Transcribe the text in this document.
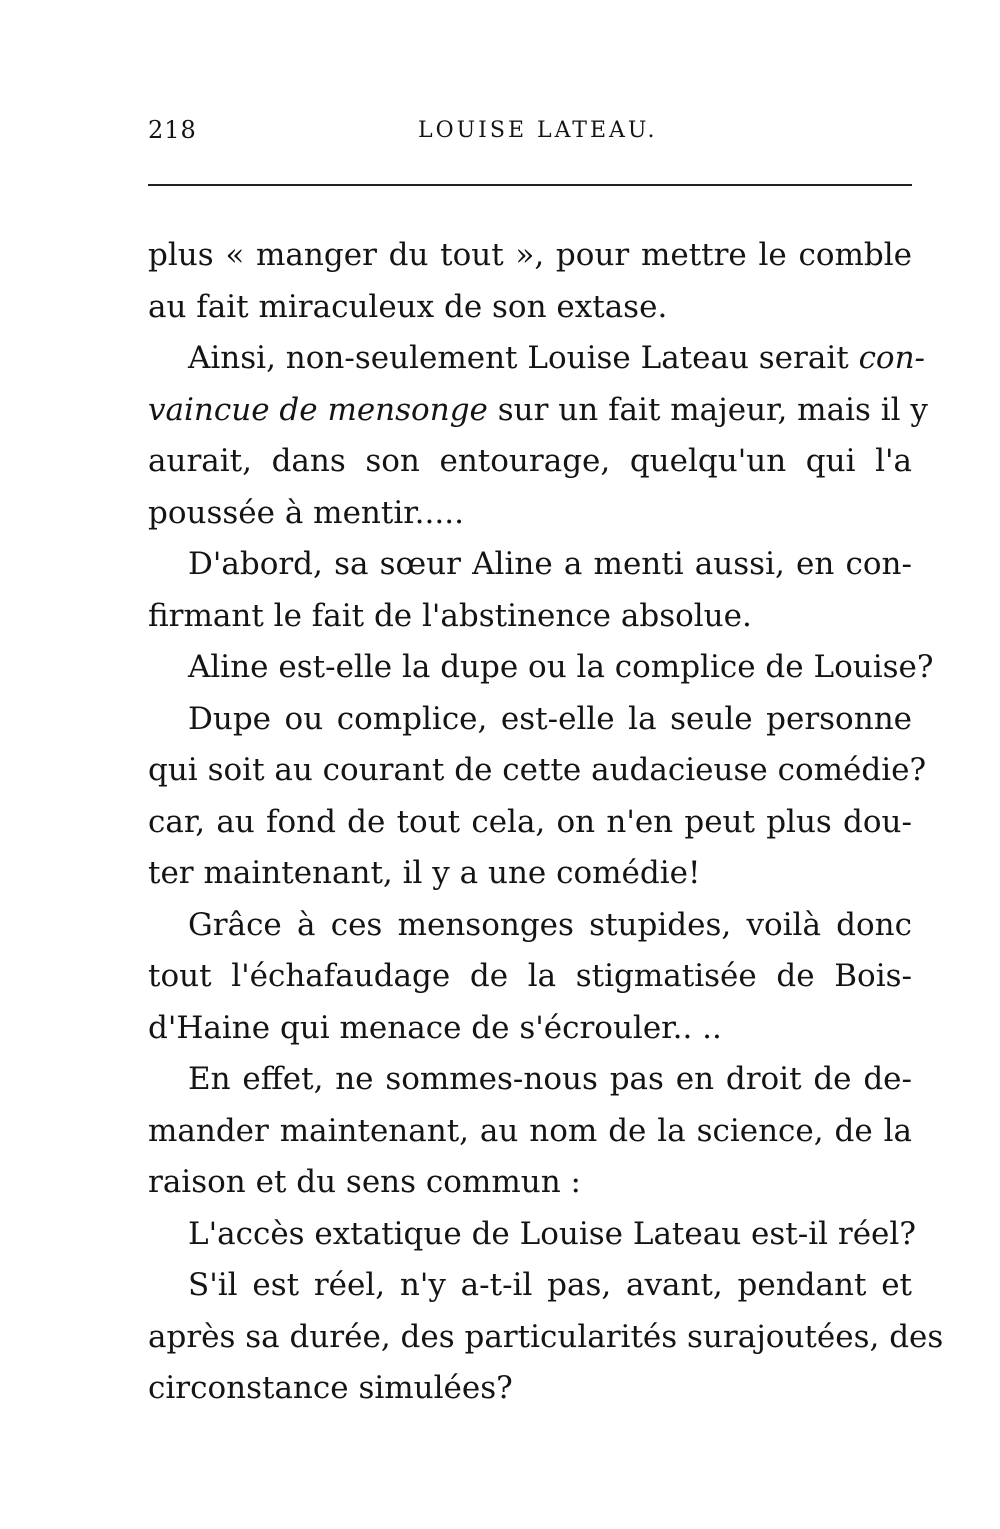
218	LOUISE LATEAU.
plus « manger du tout », pour mettre le comble
au fait miraculeux de son extase.
Ainsi, non-seulement Louise Lateau serait con-
vaincue de mensonge sur un fait majeur, mais il y
aurait, dans son entourage, quelqu'un qui l'a
poussée à mentir.....
D'abord, sa sœur Aline a menti aussi, en con-
firmant le fait de l'abstinence absolue.
Aline est-elle la dupe ou la complice de Louise?
Dupe ou complice, est-elle la seule personne
qui soit au courant de cette audacieuse comédie?
car, au fond de tout cela, on n'en peut plus dou-
ter maintenant, il y a une comédie!
Grâce à ces mensonges stupides, voilà donc
tout l'échafaudage de la stigmatisée de Bois-
d'Haine qui menace de s'écrouler.. ..
En effet, ne sommes-nous pas en droit de de-
mander maintenant, au nom de la science, de la
raison et du sens commun :
L'accès extatique de Louise Lateau est-il réel?
S'il est réel, n'y a-t-il pas, avant, pendant et
après sa durée, des particularités surajoutées, des
circonstance simulées?
